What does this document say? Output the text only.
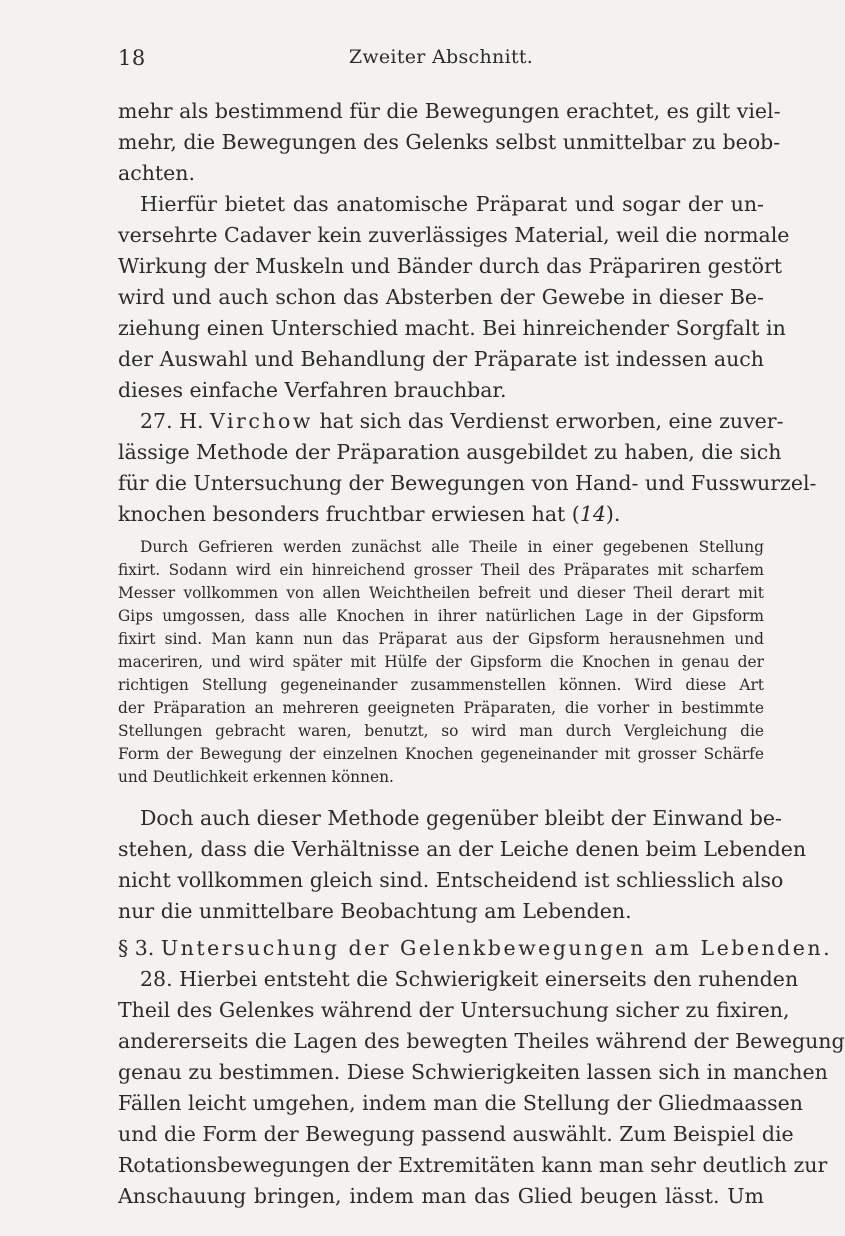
18	Zweiter Abschnitt.
mehr als bestimmend für die Bewegungen erachtet, es gilt viel-
mehr, die Bewegungen des Gelenks selbst unmittelbar zu beob-
achten.
Hierfür bietet das anatomische Präparat und sogar der un-
versehrte Cadaver kein zuverlässiges Material, weil die normale
Wirkung der Muskeln und Bänder durch das Präpariren gestört
wird und auch schon das Absterben der Gewebe in dieser Be-
ziehung einen Unterschied macht. Bei hinreichender Sorgfalt in
der Auswahl und Behandlung der Präparate ist indessen auch
dieses einfache Verfahren brauchbar.
27. H. Virchow hat sich das Verdienst erworben, eine zuver-
lässige Methode der Präparation ausgebildet zu haben, die sich
für die Untersuchung der Bewegungen von Hand- und Fusswurzel-
knochen besonders fruchtbar erwiesen hat (14).
Durch Gefrieren werden zunächst alle Theile in einer gegebenen Stellung
fixirt. Sodann wird ein hinreichend grosser Theil des Präparates mit scharfem
Messer vollkommen von allen Weichtheilen befreit und dieser Theil derart mit
Gips umgossen, dass alle Knochen in ihrer natürlichen Lage in der Gipsform
fixirt sind. Man kann nun das Präparat aus der Gipsform herausnehmen und
maceriren, und wird später mit Hülfe der Gipsform die Knochen in genau der
richtigen Stellung gegeneinander zusammenstellen können. Wird diese Art
der Präparation an mehreren geeigneten Präparaten, die vorher in bestimmte
Stellungen gebracht waren, benutzt, so wird man durch Vergleichung die
Form der Bewegung der einzelnen Knochen gegeneinander mit grosser Schärfe
und Deutlichkeit erkennen können.
Doch auch dieser Methode gegenüber bleibt der Einwand be-
stehen, dass die Verhältnisse an der Leiche denen beim Lebenden
nicht vollkommen gleich sind. Entscheidend ist schliesslich also
nur die unmittelbare Beobachtung am Lebenden.
§ 3. Untersuchung der Gelenkbewegungen am Lebenden.
28. Hierbei entsteht die Schwierigkeit einerseits den ruhenden
Theil des Gelenkes während der Untersuchung sicher zu fixiren,
andererseits die Lagen des bewegten Theiles während der Bewegung
genau zu bestimmen. Diese Schwierigkeiten lassen sich in manchen
Fällen leicht umgehen, indem man die Stellung der Gliedmaassen
und die Form der Bewegung passend auswählt. Zum Beispiel die
Rotationsbewegungen der Extremitäten kann man sehr deutlich zur
Anschauung bringen, indem man das Glied beugen lässt. Um
